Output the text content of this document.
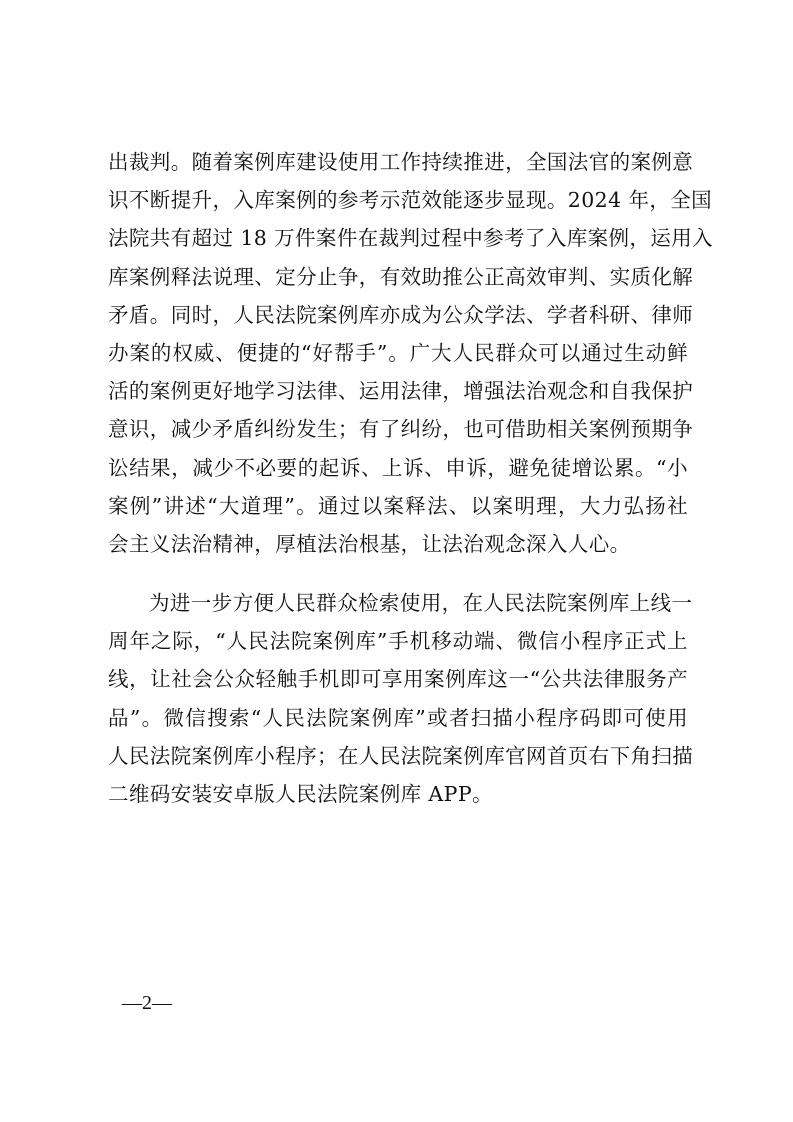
出裁判。随着案例库建设使用工作持续推进，全国法官的案例意
识不断提升，入库案例的参考示范效能逐步显现。2024 年，全国
法院共有超过 18 万件案件在裁判过程中参考了入库案例，运用入
库案例释法说理、定分止争，有效助推公正高效审判、实质化解
矛盾。同时，人民法院案例库亦成为公众学法、学者科研、律师
办案的权威、便捷的“好帮手”。广大人民群众可以通过生动鲜
活的案例更好地学习法律、运用法律，增强法治观念和自我保护
意识，减少矛盾纠纷发生；有了纠纷，也可借助相关案例预期争
讼结果，减少不必要的起诉、上诉、申诉，避免徒增讼累。“小
案例”讲述“大道理”。通过以案释法、以案明理，大力弘扬社
会主义法治精神，厚植法治根基，让法治观念深入人心。
为进一步方便人民群众检索使用，在人民法院案例库上线一
周年之际，“人民法院案例库”手机移动端、微信小程序正式上
线，让社会公众轻触手机即可享用案例库这一“公共法律服务产
品”。微信搜索“人民法院案例库”或者扫描小程序码即可使用
人民法院案例库小程序；在人民法院案例库官网首页右下角扫描
二维码安装安卓版人民法院案例库 APP。
—2—
